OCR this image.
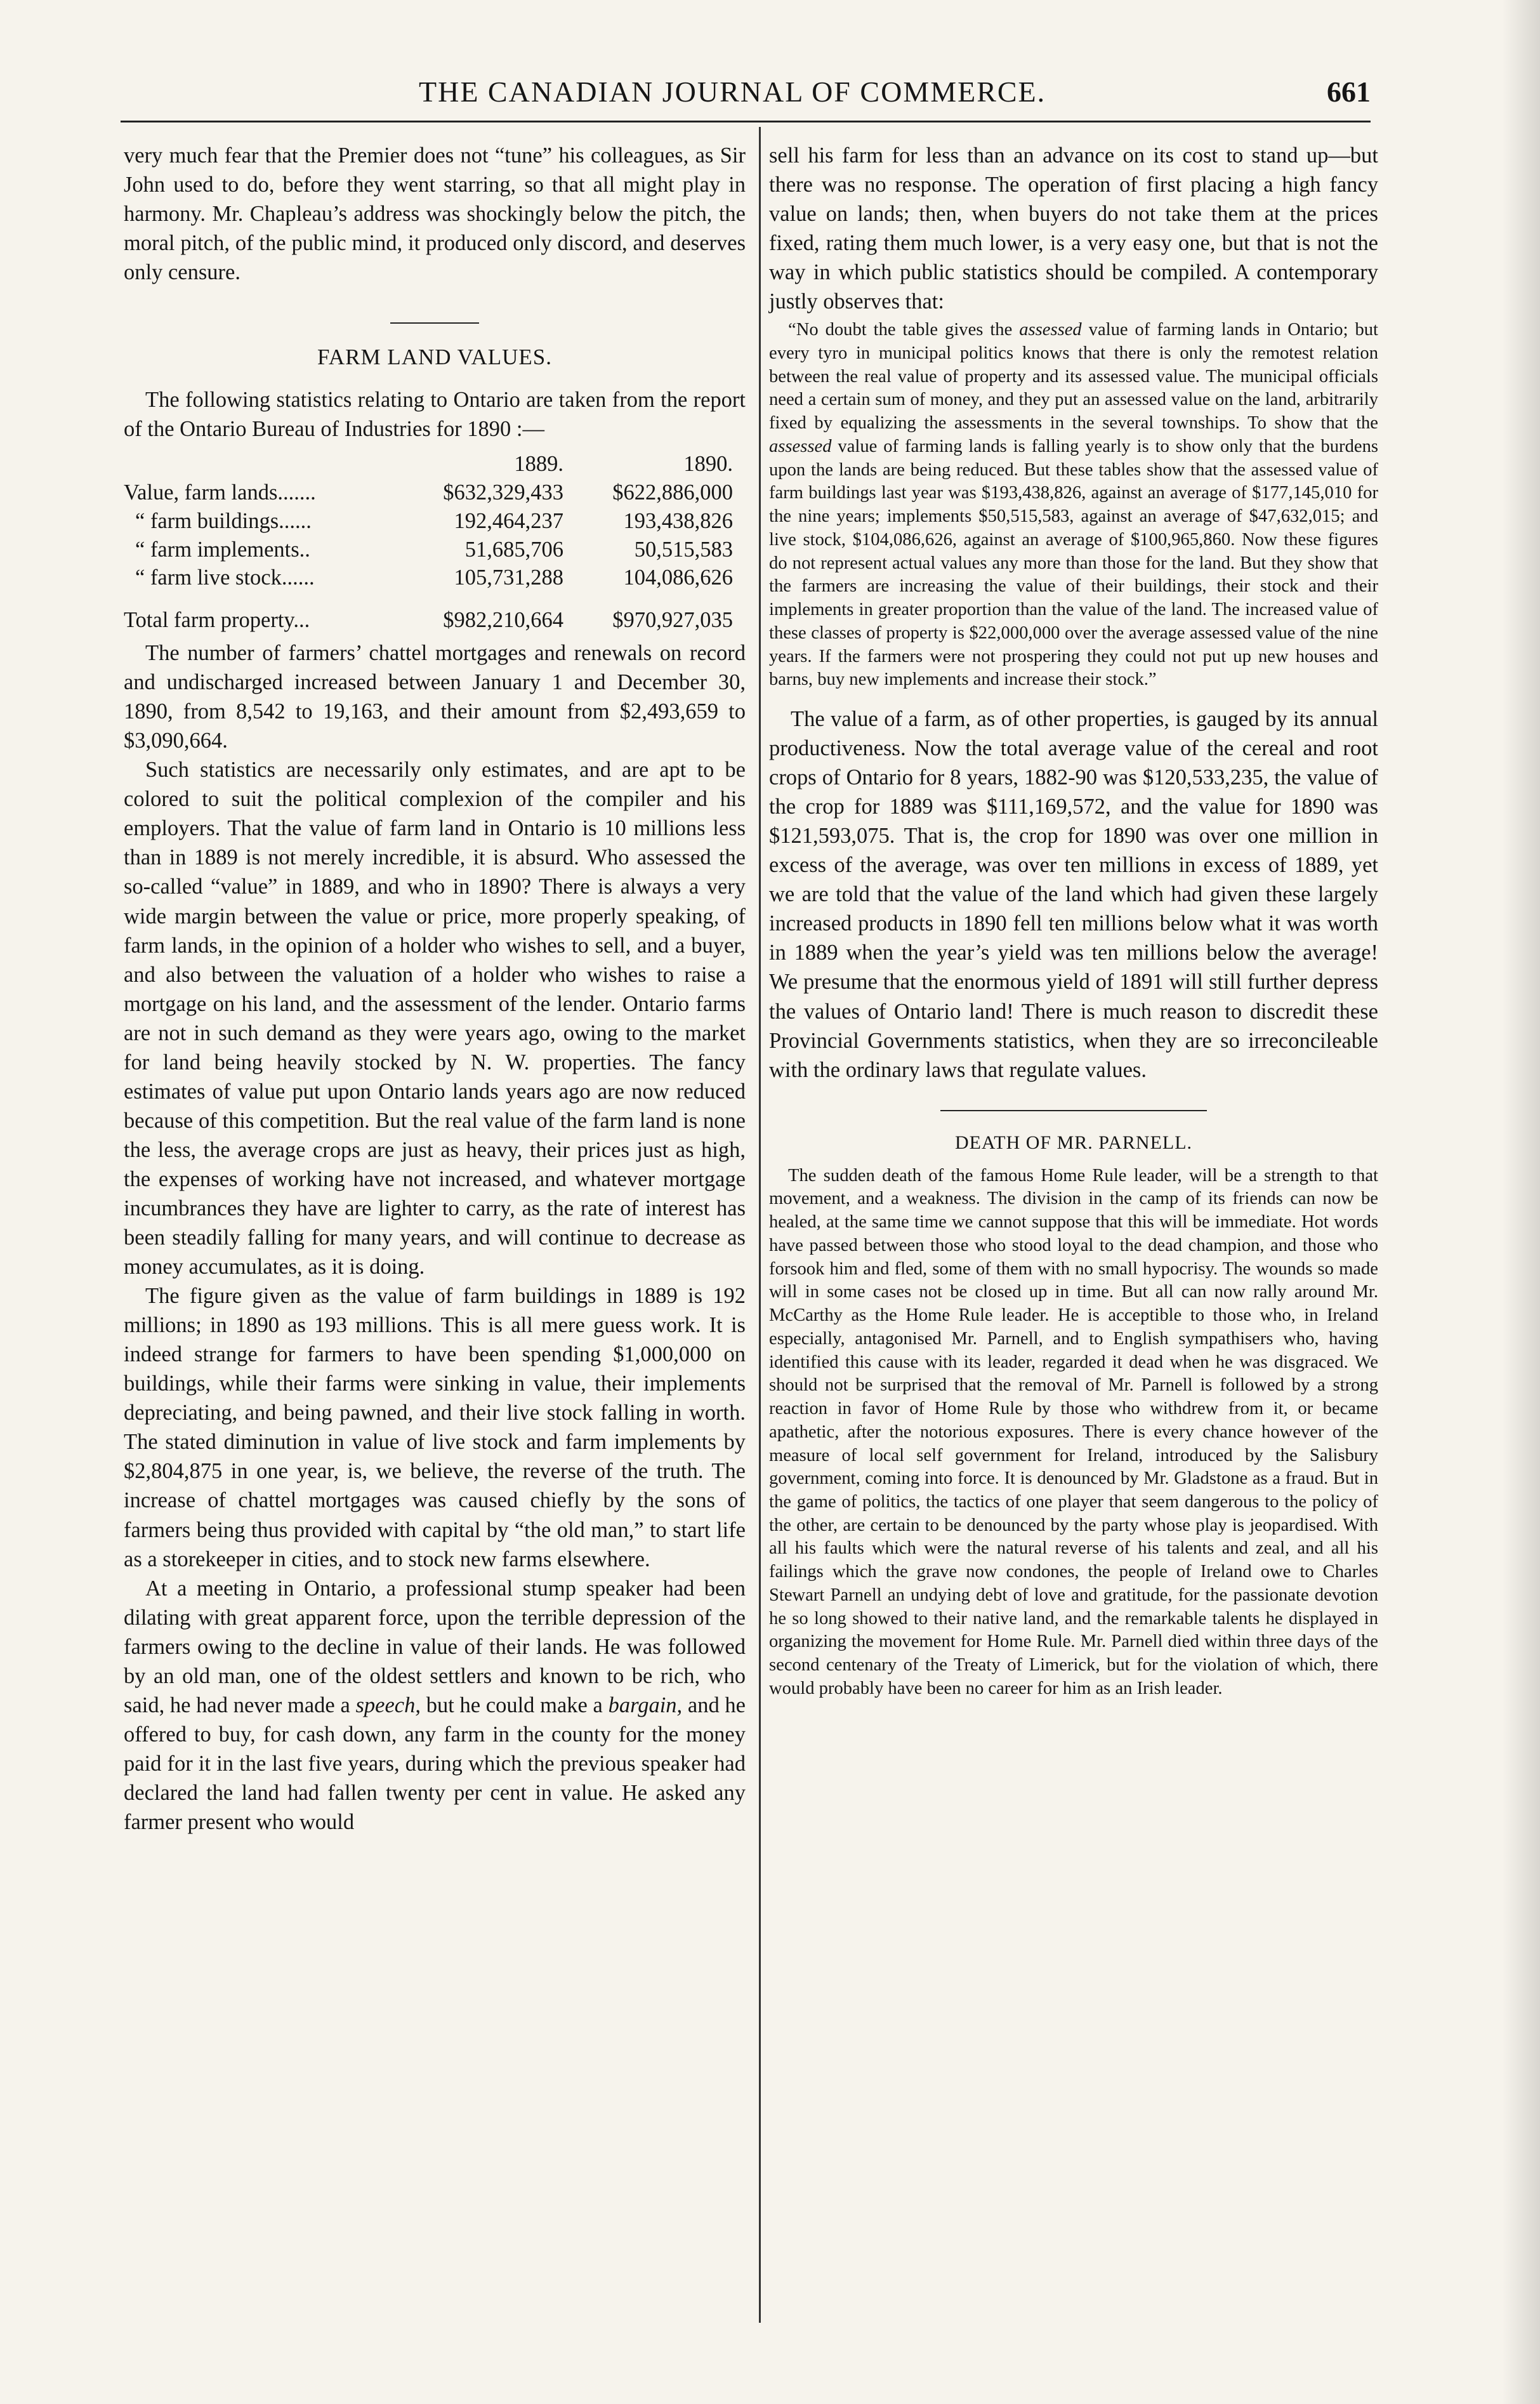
THE CANADIAN JOURNAL OF COMMERCE.	661

very much fear that the Premier does not “tune” his colleagues, as Sir John used to do, before they went starring, so that all might play in harmony. Mr. Chapleau’s address was shockingly below the pitch, the moral pitch, of the public mind, it produced only discord, and deserves only censure.

FARM LAND VALUES.

The following statistics relating to Ontario are taken from the report of the Ontario Bureau of Industries for 1890 :—

	1889.	1890.
Value, farm lands.......	$632,329,433	$622,886,000
“ farm buildings......	192,464,237	193,438,826
“ farm implements..	51,685,706	50,515,583
“ farm live stock......	105,731,288	104,086,626
Total farm property...	$982,210,664	$970,927,035

The number of farmers’ chattel mortgages and renewals on record and undischarged increased between January 1 and December 30, 1890, from 8,542 to 19,163, and their amount from $2,493,659 to $3,090,664.

Such statistics are necessarily only estimates, and are apt to be colored to suit the political complexion of the compiler and his employers. That the value of farm land in Ontario is 10 millions less than in 1889 is not merely incredible, it is absurd. Who assessed the so-called “value” in 1889, and who in 1890? There is always a very wide margin between the value or price, more properly speaking, of farm lands, in the opinion of a holder who wishes to sell, and a buyer, and also between the valuation of a holder who wishes to raise a mortgage on his land, and the assessment of the lender. Ontario farms are not in such demand as they were years ago, owing to the market for land being heavily stocked by N. W. properties. The fancy estimates of value put upon Ontario lands years ago are now reduced because of this competition. But the real value of the farm land is none the less, the average crops are just as heavy, their prices just as high, the expenses of working have not increased, and whatever mortgage incumbrances they have are lighter to carry, as the rate of interest has been steadily falling for many years, and will continue to decrease as money accumulates, as it is doing.

The figure given as the value of farm buildings in 1889 is 192 millions; in 1890 as 193 millions. This is all mere guess work. It is indeed strange for farmers to have been spending $1,000,000 on buildings, while their farms were sinking in value, their implements depreciating, and being pawned, and their live stock falling in worth. The stated diminution in value of live stock and farm implements by $2,804,875 in one year, is, we believe, the reverse of the truth. The increase of chattel mortgages was caused chiefly by the sons of farmers being thus provided with capital by “the old man,” to start life as a storekeeper in cities, and to stock new farms elsewhere.

At a meeting in Ontario, a professional stump speaker had been dilating with great apparent force, upon the terrible depression of the farmers owing to the decline in value of their lands. He was followed by an old man, one of the oldest settlers and known to be rich, who said, he had never made a speech, but he could make a bargain, and he offered to buy, for cash down, any farm in the county for the money paid for it in the last five years, during which the previous speaker had declared the land had fallen twenty per cent in value. He asked any farmer present who would

sell his farm for less than an advance on its cost to stand up—but there was no response. The operation of first placing a high fancy value on lands; then, when buyers do not take them at the prices fixed, rating them much lower, is a very easy one, but that is not the way in which public statistics should be compiled. A contemporary justly observes that:

“No doubt the table gives the assessed value of farming lands in Ontario; but every tyro in municipal politics knows that there is only the remotest relation between the real value of property and its assessed value. The municipal officials need a certain sum of money, and they put an assessed value on the land, arbitrarily fixed by equalizing the assessments in the several townships. To show that the assessed value of farming lands is falling yearly is to show only that the burdens upon the lands are being reduced. But these tables show that the assessed value of farm buildings last year was $193,438,826, against an average of $177,145,010 for the nine years; implements $50,515,583, against an average of $47,632,015; and live stock, $104,086,626, against an average of $100,965,860. Now these figures do not represent actual values any more than those for the land. But they show that the farmers are increasing the value of their buildings, their stock and their implements in greater proportion than the value of the land. The increased value of these classes of property is $22,000,000 over the average assessed value of the nine years. If the farmers were not prospering they could not put up new houses and barns, buy new implements and increase their stock.”

The value of a farm, as of other properties, is gauged by its annual productiveness. Now the total average value of the cereal and root crops of Ontario for 8 years, 1882-90 was $120,533,235, the value of the crop for 1889 was $111,169,572, and the value for 1890 was $121,593,075. That is, the crop for 1890 was over one million in excess of the average, was over ten millions in excess of 1889, yet we are told that the value of the land which had given these largely increased products in 1890 fell ten millions below what it was worth in 1889 when the year’s yield was ten millions below the average! We presume that the enormous yield of 1891 will still further depress the values of Ontario land! There is much reason to discredit these Provincial Governments statistics, when they are so irreconcileable with the ordinary laws that regulate values.

DEATH OF MR. PARNELL.

The sudden death of the famous Home Rule leader, will be a strength to that movement, and a weakness. The division in the camp of its friends can now be healed, at the same time we cannot suppose that this will be immediate. Hot words have passed between those who stood loyal to the dead champion, and those who forsook him and fled, some of them with no small hypocrisy. The wounds so made will in some cases not be closed up in time. But all can now rally around Mr. McCarthy as the Home Rule leader. He is acceptible to those who, in Ireland especially, antagonised Mr. Parnell, and to English sympathisers who, having identified this cause with its leader, regarded it dead when he was disgraced. We should not be surprised that the removal of Mr. Parnell is followed by a strong reaction in favor of Home Rule by those who withdrew from it, or became apathetic, after the notorious exposures. There is every chance however of the measure of local self government for Ireland, introduced by the Salisbury government, coming into force. It is denounced by Mr. Gladstone as a fraud. But in the game of politics, the tactics of one player that seem dangerous to the policy of the other, are certain to be denounced by the party whose play is jeopardised. With all his faults which were the natural reverse of his talents and zeal, and all his failings which the grave now condones, the people of Ireland owe to Charles Stewart Parnell an undying debt of love and gratitude, for the passionate devotion he so long showed to their native land, and the remarkable talents he displayed in organizing the movement for Home Rule. Mr. Parnell died within three days of the second centenary of the Treaty of Limerick, but for the violation of which, there would probably have been no career for him as an Irish leader.
